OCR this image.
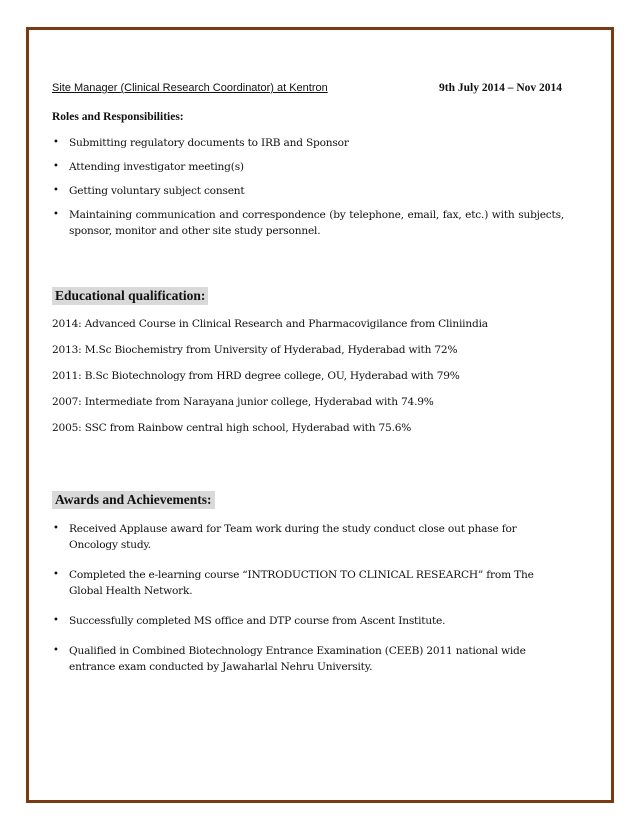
Site Manager (Clinical Research Coordinator) at Kentron	9th July 2014 – Nov 2014
Roles and Responsibilities:
• Submitting regulatory documents to IRB and Sponsor
• Attending investigator meeting(s)
• Getting voluntary subject consent
• Maintaining communication and correspondence (by telephone, email, fax, etc.) with subjects, sponsor, monitor and other site study personnel.
Educational qualification:
2014: Advanced Course in Clinical Research and Pharmacovigilance from Cliniindia
2013: M.Sc Biochemistry from University of Hyderabad, Hyderabad with 72%
2011: B.Sc Biotechnology from HRD degree college, OU, Hyderabad with 79%
2007: Intermediate from Narayana junior college, Hyderabad with 74.9%
2005: SSC from Rainbow central high school, Hyderabad with 75.6%
Awards and Achievements:
• Received Applause award for Team work during the study conduct close out phase for Oncology study.
• Completed the e-learning course “INTRODUCTION TO CLINICAL RESEARCH” from The Global Health Network.
• Successfully completed MS office and DTP course from Ascent Institute.
• Qualified in Combined Biotechnology Entrance Examination (CEEB) 2011 national wide entrance exam conducted by Jawaharlal Nehru University.
